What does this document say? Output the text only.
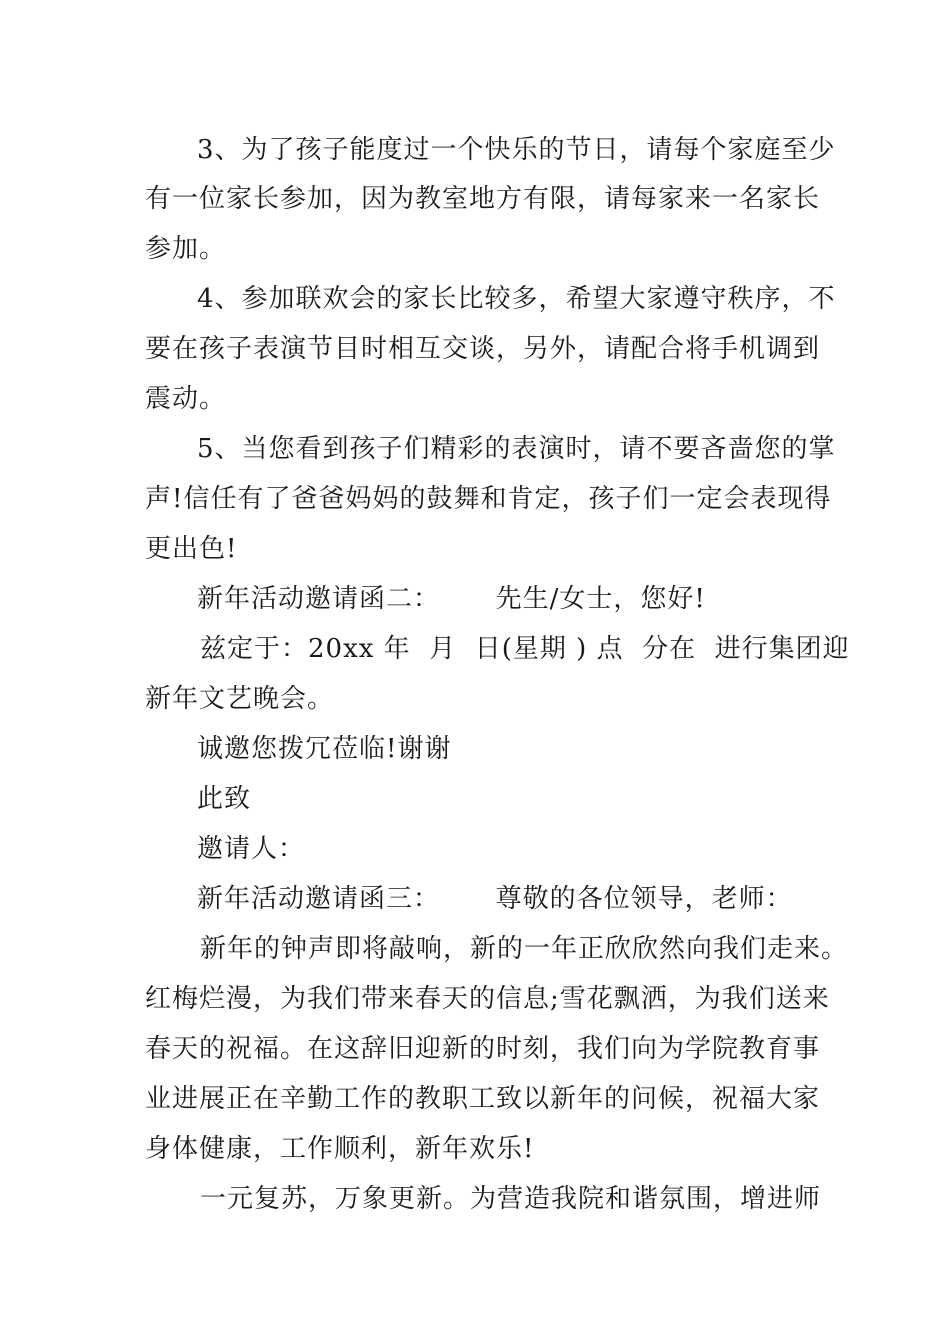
3、为了孩子能度过一个快乐的节日，请每个家庭至少
有一位家长参加，因为教室地方有限，请每家来一名家长
参加。
4、参加联欢会的家长比较多，希望大家遵守秩序，不
要在孩子表演节目时相互交谈，另外，请配合将手机调到
震动。
5、当您看到孩子们精彩的表演时，请不要吝啬您的掌
声!信任有了爸爸妈妈的鼓舞和肯定，孩子们一定会表现得
更出色!
新年活动邀请函二：      先生/女士，您好!
兹定于：20xx 年  月  日(星期 ) 点  分在  进行集团迎
新年文艺晚会。
诚邀您拨冗莅临!谢谢
此致
邀请人：
新年活动邀请函三：      尊敬的各位领导，老师：
新年的钟声即将敲响，新的一年正欣欣然向我们走来。
红梅烂漫，为我们带来春天的信息;雪花飘洒，为我们送来
春天的祝福。在这辞旧迎新的时刻，我们向为学院教育事
业进展正在辛勤工作的教职工致以新年的问候，祝福大家
身体健康，工作顺利，新年欢乐!
一元复苏，万象更新。为营造我院和谐氛围，增进师
